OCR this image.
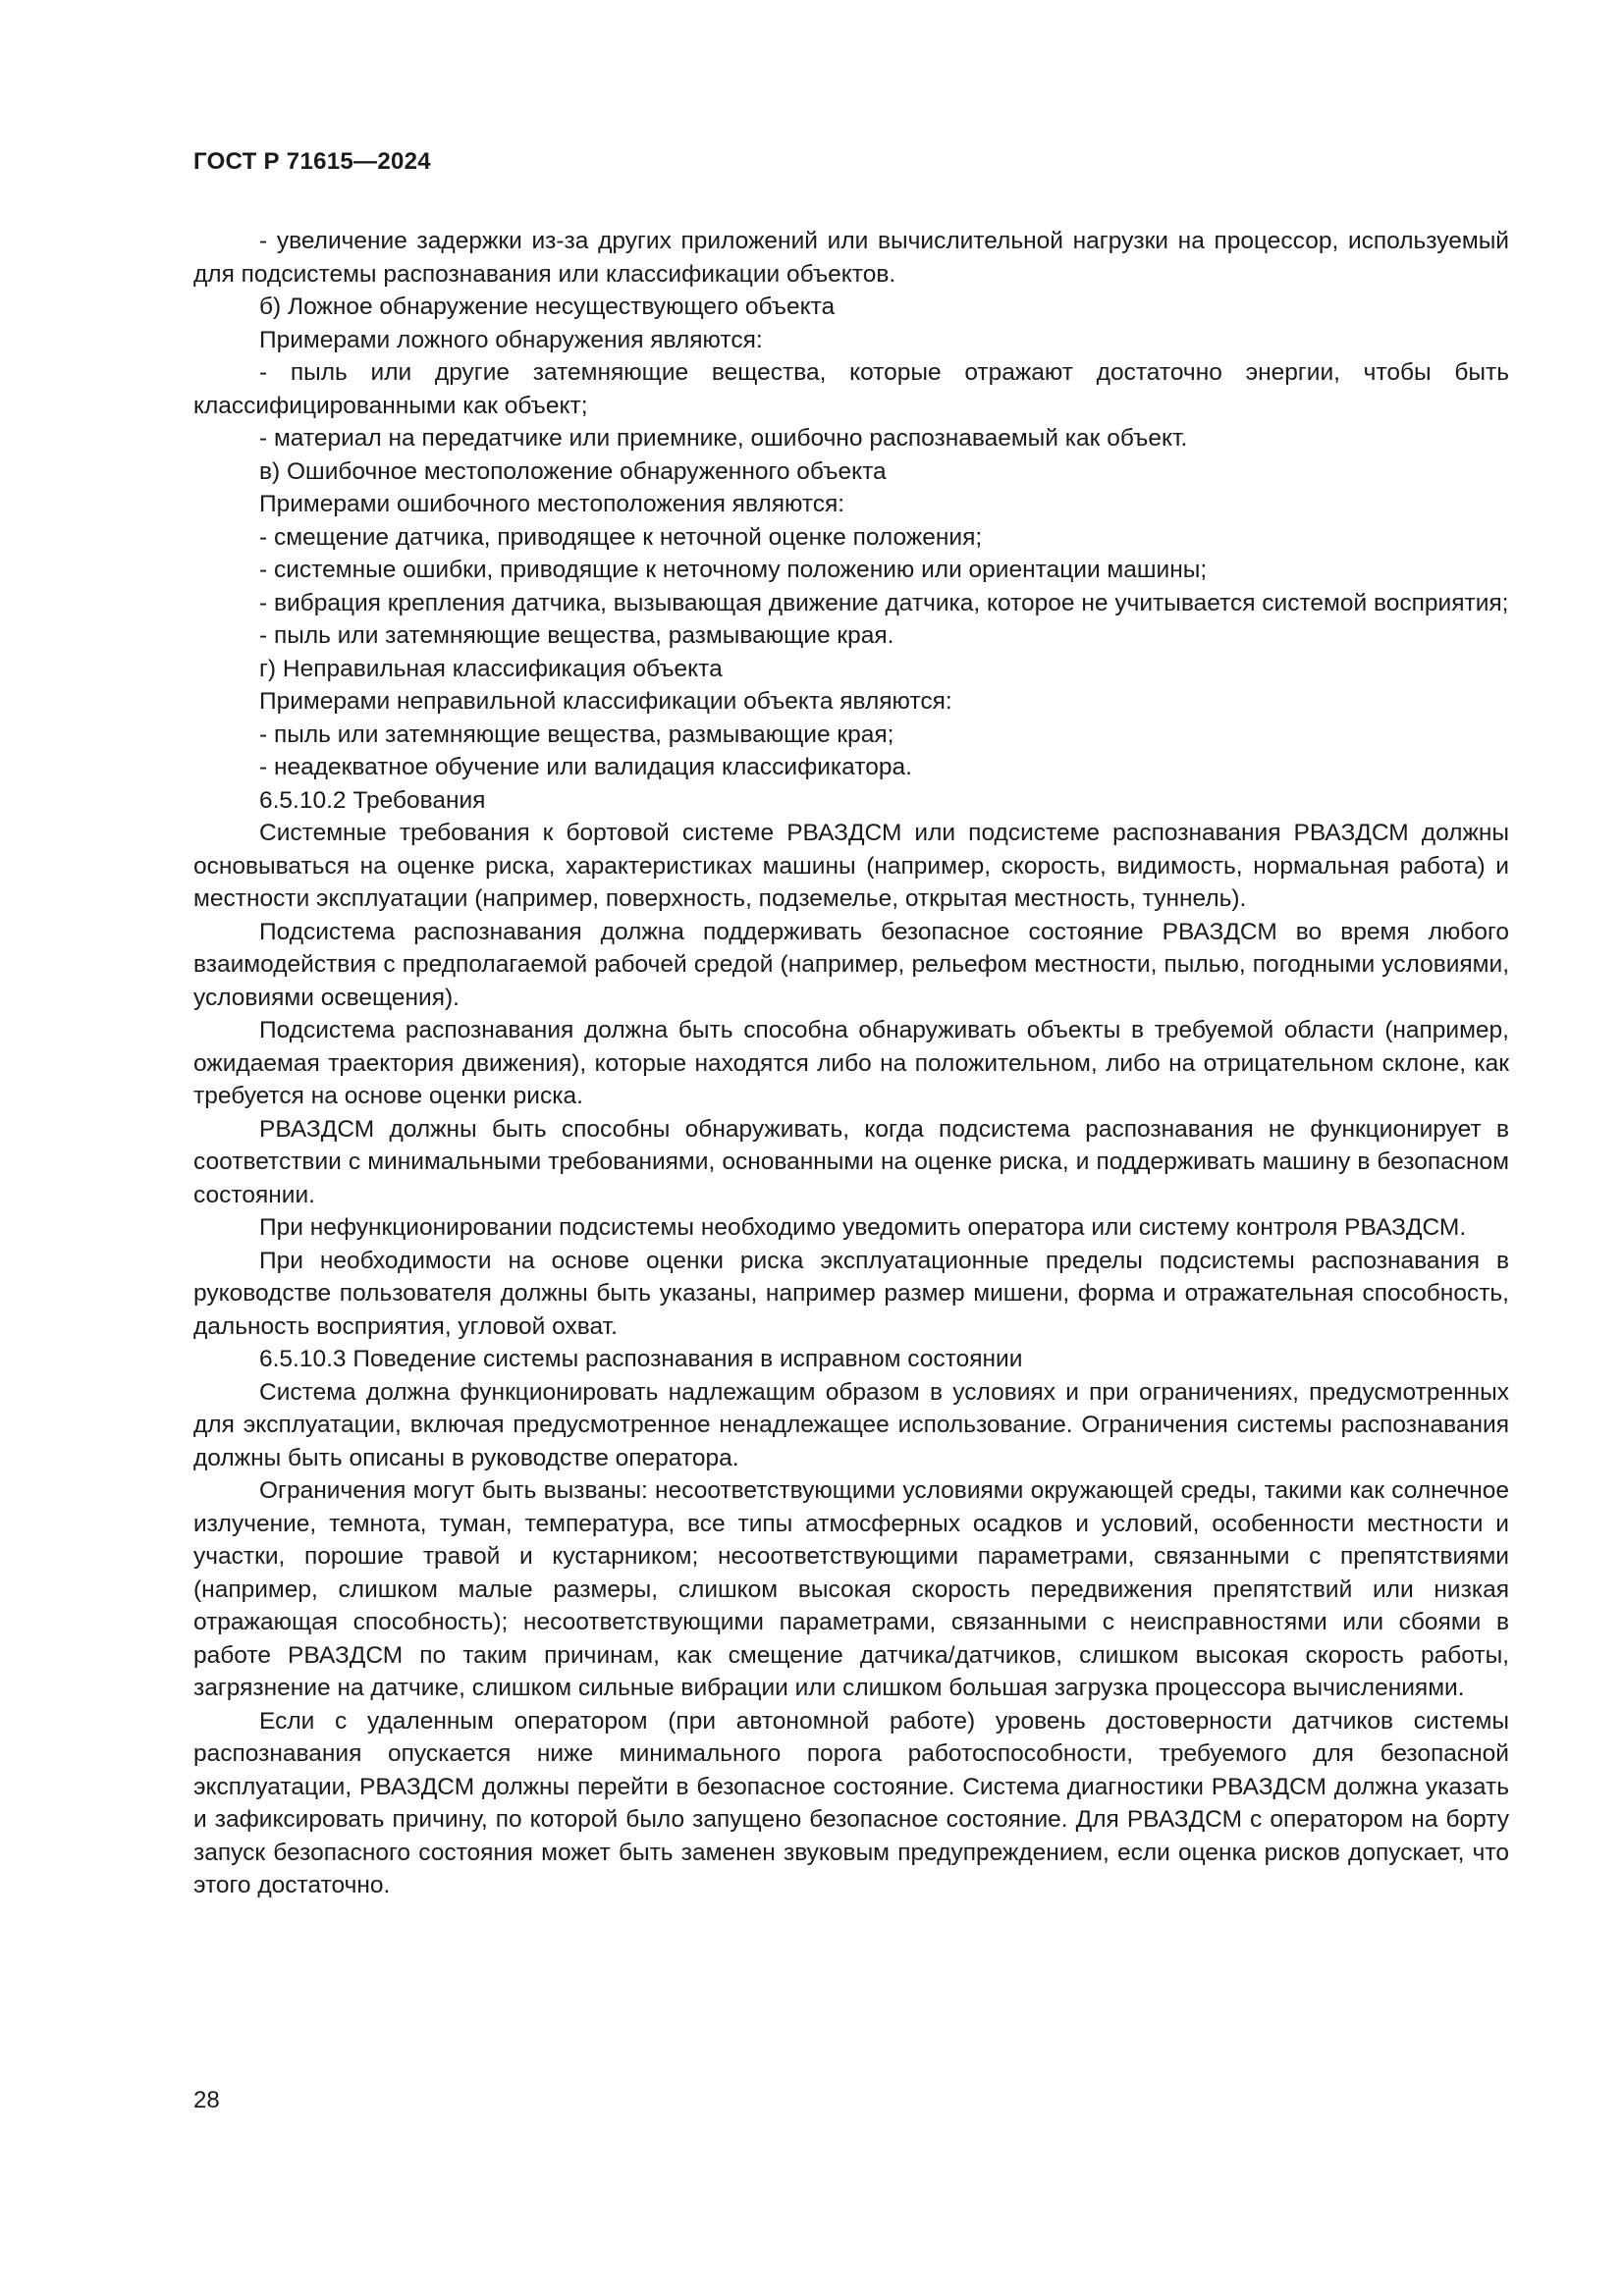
ГОСТ Р 71615—2024

- увеличение задержки из-за других приложений или вычислительной нагрузки на процессор, используемый для подсистемы распознавания или классификации объектов.

б) Ложное обнаружение несуществующего объекта

Примерами ложного обнаружения являются:

- пыль или другие затемняющие вещества, которые отражают достаточно энергии, чтобы быть классифицированными как объект;

- материал на передатчике или приемнике, ошибочно распознаваемый как объект.

в) Ошибочное местоположение обнаруженного объекта

Примерами ошибочного местоположения являются:

- смещение датчика, приводящее к неточной оценке положения;

- системные ошибки, приводящие к неточному положению или ориентации машины;

- вибрация крепления датчика, вызывающая движение датчика, которое не учитывается системой восприятия;

- пыль или затемняющие вещества, размывающие края.

г) Неправильная классификация объекта

Примерами неправильной классификации объекта являются:

- пыль или затемняющие вещества, размывающие края;

- неадекватное обучение или валидация классификатора.

6.5.10.2 Требования

Системные требования к бортовой системе РВАЗДСМ или подсистеме распознавания РВАЗДСМ должны основываться на оценке риска, характеристиках машины (например, скорость, видимость, нормальная работа) и местности эксплуатации (например, поверхность, подземелье, открытая местность, туннель).

Подсистема распознавания должна поддерживать безопасное состояние РВАЗДСМ во время любого взаимодействия с предполагаемой рабочей средой (например, рельефом местности, пылью, погодными условиями, условиями освещения).

Подсистема распознавания должна быть способна обнаруживать объекты в требуемой области (например, ожидаемая траектория движения), которые находятся либо на положительном, либо на отрицательном склоне, как требуется на основе оценки риска.

РВАЗДСМ должны быть способны обнаруживать, когда подсистема распознавания не функционирует в соответствии с минимальными требованиями, основанными на оценке риска, и поддерживать машину в безопасном состоянии.

При нефункционировании подсистемы необходимо уведомить оператора или систему контроля РВАЗДСМ.

При необходимости на основе оценки риска эксплуатационные пределы подсистемы распознавания в руководстве пользователя должны быть указаны, например размер мишени, форма и отражательная способность, дальность восприятия, угловой охват.

6.5.10.3 Поведение системы распознавания в исправном состоянии

Система должна функционировать надлежащим образом в условиях и при ограничениях, предусмотренных для эксплуатации, включая предусмотренное ненадлежащее использование. Ограничения системы распознавания должны быть описаны в руководстве оператора.

Ограничения могут быть вызваны: несоответствующими условиями окружающей среды, такими как солнечное излучение, темнота, туман, температура, все типы атмосферных осадков и условий, особенности местности и участки, порошие травой и кустарником; несоответствующими параметрами, связанными с препятствиями (например, слишком малые размеры, слишком высокая скорость передвижения препятствий или низкая отражающая способность); несоответствующими параметрами, связанными с неисправностями или сбоями в работе РВАЗДСМ по таким причинам, как смещение датчика/датчиков, слишком высокая скорость работы, загрязнение на датчике, слишком сильные вибрации или слишком большая загрузка процессора вычислениями.

Если с удаленным оператором (при автономной работе) уровень достоверности датчиков системы распознавания опускается ниже минимального порога работоспособности, требуемого для безопасной эксплуатации, РВАЗДСМ должны перейти в безопасное состояние. Система диагностики РВАЗДСМ должна указать и зафиксировать причину, по которой было запущено безопасное состояние. Для РВАЗДСМ с оператором на борту запуск безопасного состояния может быть заменен звуковым предупреждением, если оценка рисков допускает, что этого достаточно.

28
